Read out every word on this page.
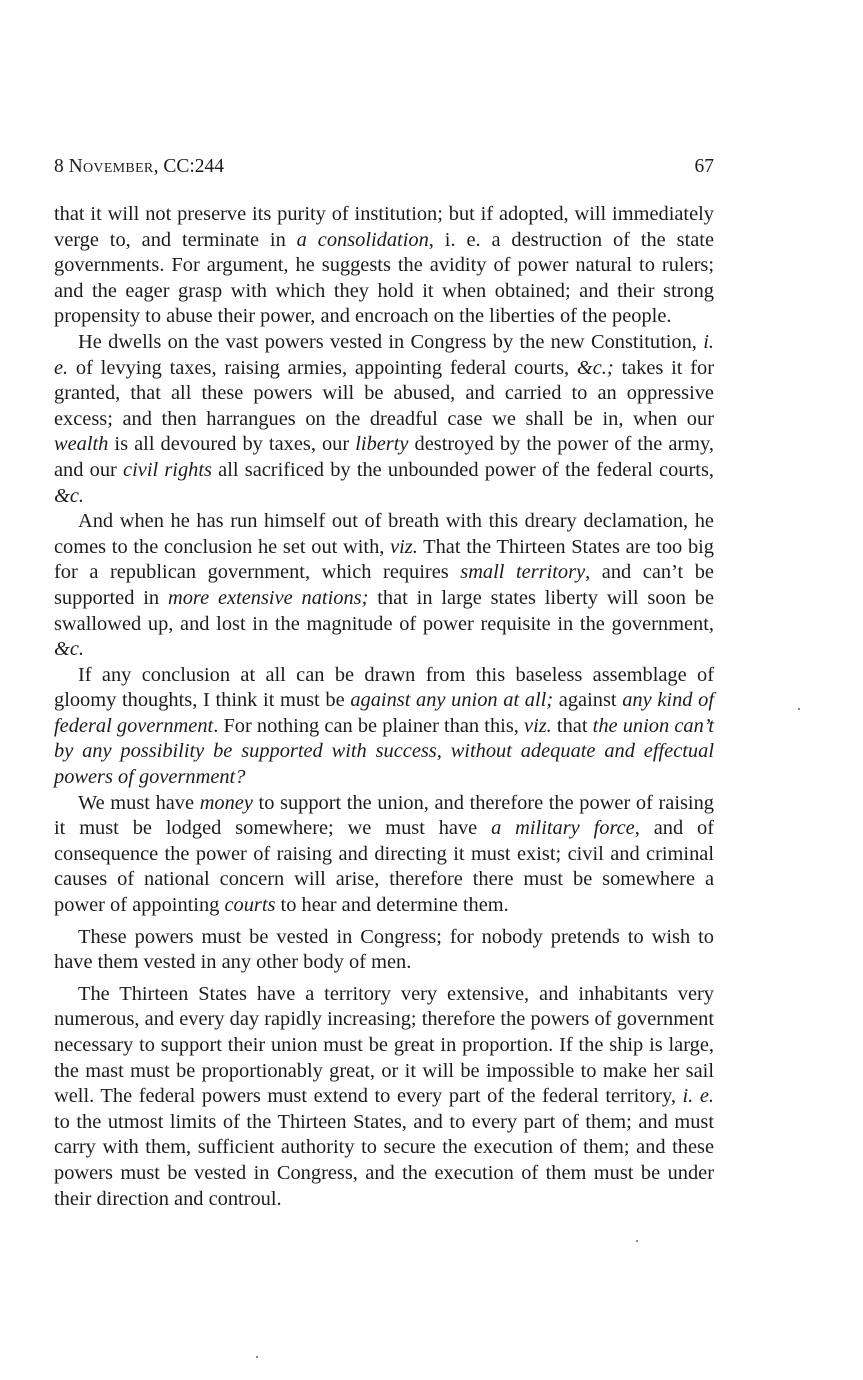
8 November, CC:244	67

that it will not preserve its purity of institution; but if adopted, will immediately verge to, and terminate in a consolidation, i. e. a destruction of the state governments. For argument, he suggests the avidity of power natural to rulers; and the eager grasp with which they hold it when obtained; and their strong propensity to abuse their power, and encroach on the liberties of the people.

He dwells on the vast powers vested in Congress by the new Constitution, i. e. of levying taxes, raising armies, appointing federal courts, &c.; takes it for granted, that all these powers will be abused, and carried to an oppressive excess; and then harrangues on the dreadful case we shall be in, when our wealth is all devoured by taxes, our liberty destroyed by the power of the army, and our civil rights all sacrificed by the unbounded power of the federal courts, &c.

And when he has run himself out of breath with this dreary declamation, he comes to the conclusion he set out with, viz. That the Thirteen States are too big for a republican government, which requires small territory, and can’t be supported in more extensive nations; that in large states liberty will soon be swallowed up, and lost in the magnitude of power requisite in the government, &c.

If any conclusion at all can be drawn from this baseless assemblage of gloomy thoughts, I think it must be against any union at all; against any kind of federal government. For nothing can be plainer than this, viz. that the union can’t by any possibility be supported with success, without adequate and effectual powers of government?

We must have money to support the union, and therefore the power of raising it must be lodged somewhere; we must have a military force, and of consequence the power of raising and directing it must exist; civil and criminal causes of national concern will arise, therefore there must be somewhere a power of appointing courts to hear and determine them.

These powers must be vested in Congress; for nobody pretends to wish to have them vested in any other body of men.

The Thirteen States have a territory very extensive, and inhabitants very numerous, and every day rapidly increasing; therefore the powers of government necessary to support their union must be great in proportion. If the ship is large, the mast must be proportionably great, or it will be impossible to make her sail well. The federal powers must extend to every part of the federal territory, i. e. to the utmost limits of the Thirteen States, and to every part of them; and must carry with them, sufficient authority to secure the execution of them; and these powers must be vested in Congress, and the execution of them must be under their direction and controul.
